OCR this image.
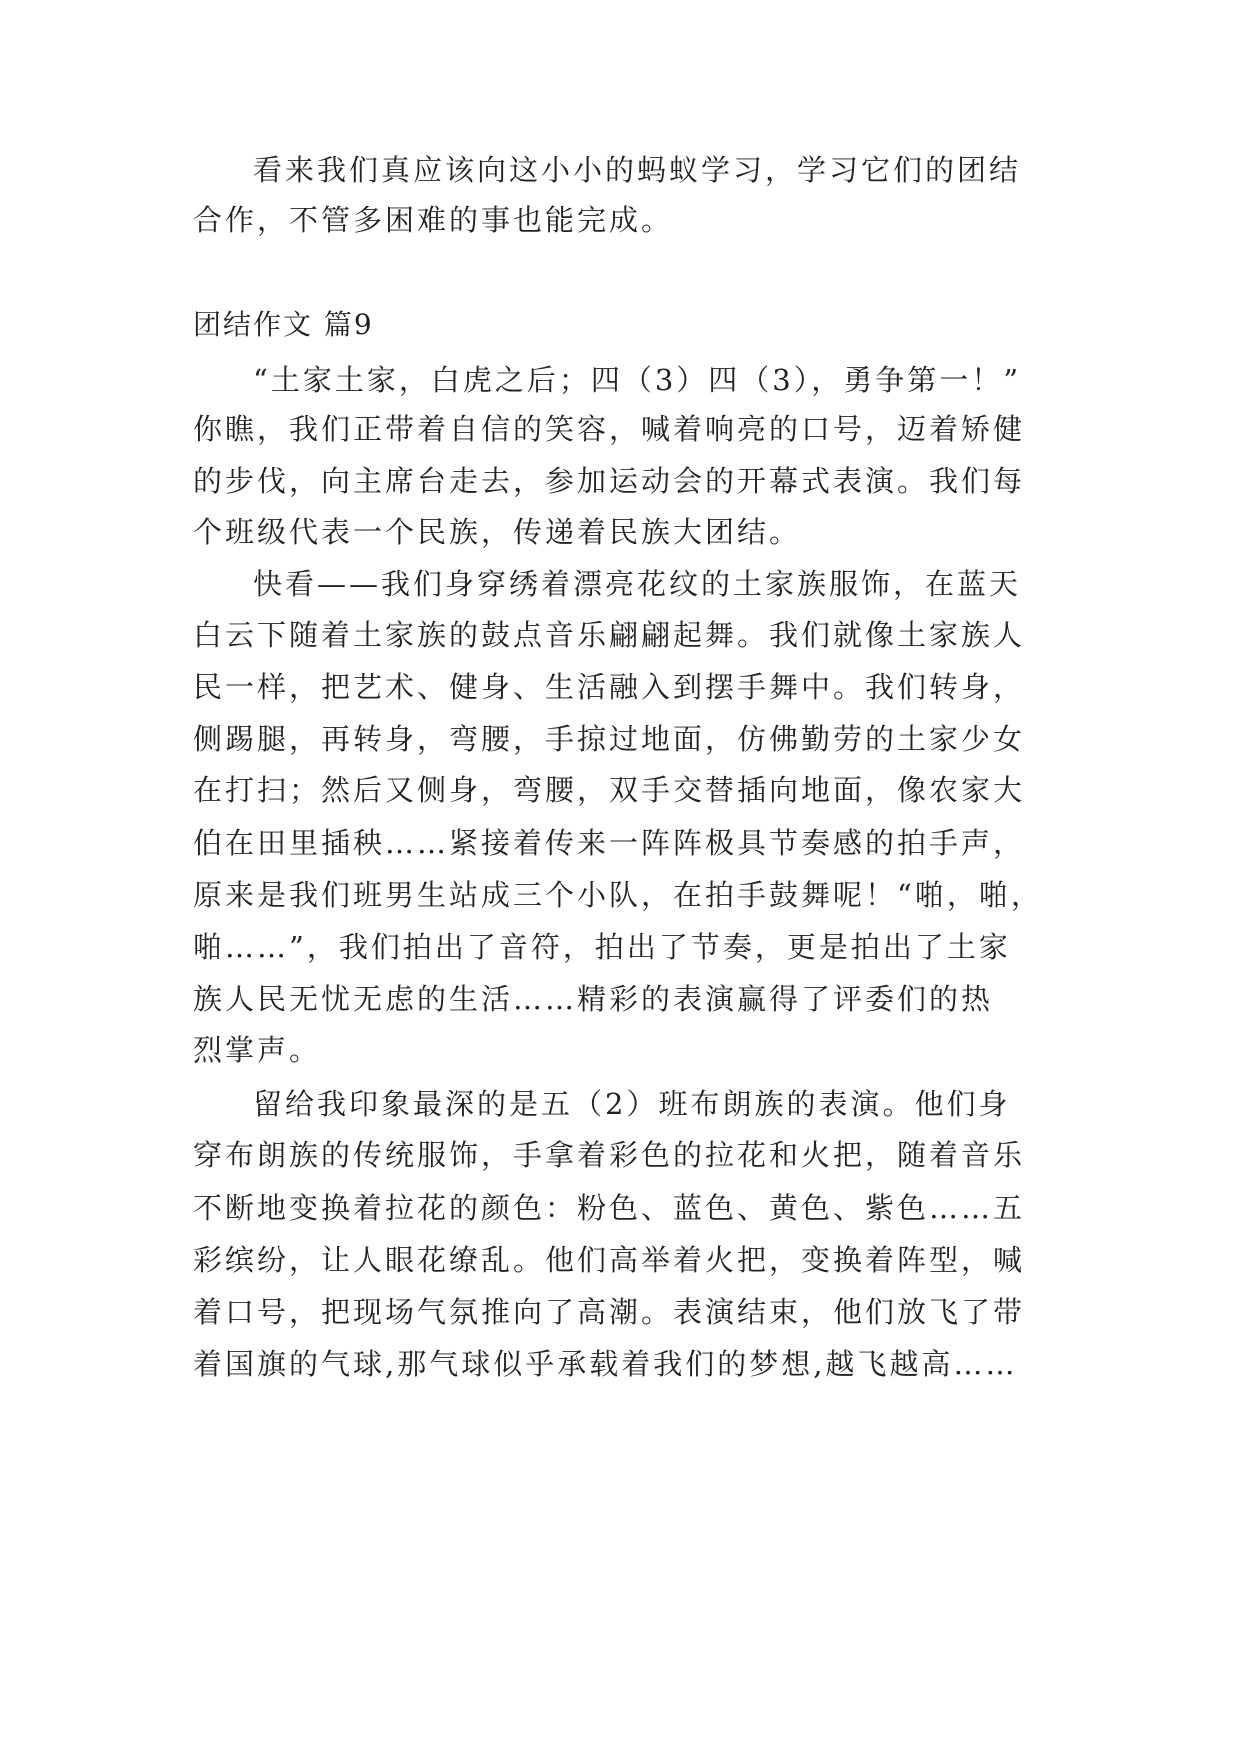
看来我们真应该向这小小的蚂蚁学习，学习它们的团结
合作，不管多困难的事也能完成。
团结作文 篇9
“土家土家，白虎之后；四（3）四（3），勇争第一！”
你瞧，我们正带着自信的笑容，喊着响亮的口号，迈着矫健
的步伐，向主席台走去，参加运动会的开幕式表演。我们每
个班级代表一个民族，传递着民族大团结。
快看——我们身穿绣着漂亮花纹的土家族服饰，在蓝天
白云下随着土家族的鼓点音乐翩翩起舞。我们就像土家族人
民一样，把艺术、健身、生活融入到摆手舞中。我们转身，
侧踢腿，再转身，弯腰，手掠过地面，仿佛勤劳的土家少女
在打扫；然后又侧身，弯腰，双手交替插向地面，像农家大
伯在田里插秧……紧接着传来一阵阵极具节奏感的拍手声，
原来是我们班男生站成三个小队，在拍手鼓舞呢！“啪，啪，
啪……”，我们拍出了音符，拍出了节奏，更是拍出了土家
族人民无忧无虑的生活……精彩的表演赢得了评委们的热
烈掌声。
留给我印象最深的是五（2）班布朗族的表演。他们身
穿布朗族的传统服饰，手拿着彩色的拉花和火把，随着音乐
不断地变换着拉花的颜色：粉色、蓝色、黄色、紫色……五
彩缤纷，让人眼花缭乱。他们高举着火把，变换着阵型，喊
着口号，把现场气氛推向了高潮。表演结束，他们放飞了带
着国旗的气球,那气球似乎承载着我们的梦想,越飞越高……
